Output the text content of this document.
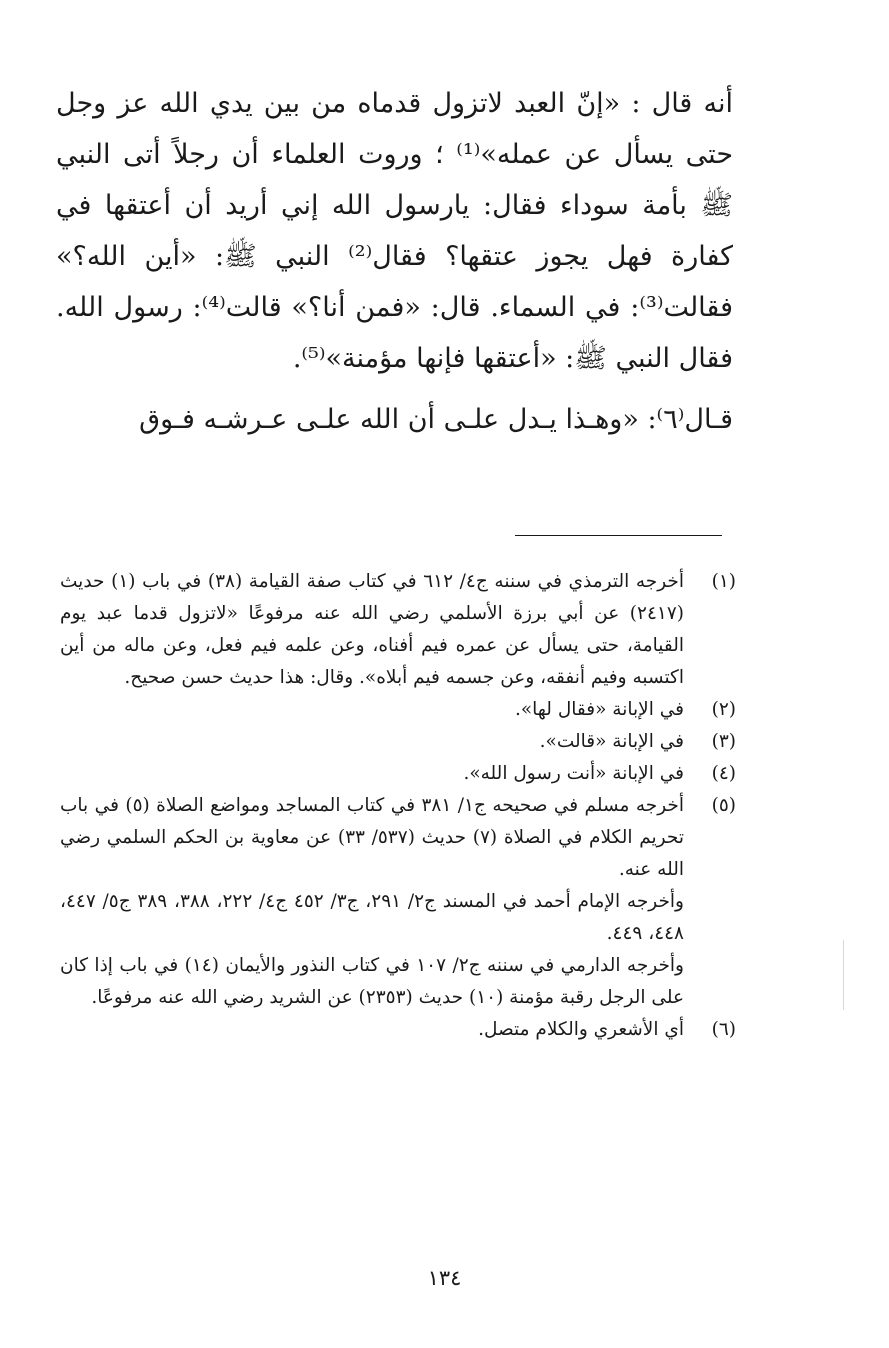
أنه قال : «إنّ العبد لاتزول قدماه من بين يدي الله عز وجل حتى يسأل عن عمله»⁽¹⁾ ؛ وروت العلماء أن رجلاً أتى النبي ﷺ بأمة سوداء فقال: يارسول الله إني أريد أن أعتقها في كفارة فهل يجوز عتقها؟ فقال⁽²⁾ النبي ﷺ: «أين الله؟» فقالت⁽³⁾: في السماء. قال: «فمن أنا؟» قالت⁽⁴⁾: رسول الله. فقال النبي ﷺ: «أعتقها فإنها مؤمنة»⁽⁵⁾.

قـال⁽٦⁾: «وهـذا يـدل علـى أن الله علـى عـرشـه فـوق

(١)

أخرجه الترمذي في سننه ج٤/ ٦١٢ في كتاب صفة القيامة (٣٨) في باب (١) حديث (٢٤١٧) عن أبي برزة الأسلمي رضي الله عنه مرفوعًا «لاتزول قدما عبد يوم القيامة، حتى يسأل عن عمره فيم أفناه، وعن علمه فيم فعل، وعن ماله من أين اكتسبه وفيم أنفقه، وعن جسمه فيم أبلاه». وقال: هذا حديث حسن صحيح.

(٢)

في الإبانة «فقال لها».

(٣)

في الإبانة «قالت».

(٤)

في الإبانة «أنت رسول الله».

(٥)

أخرجه مسلم في صحيحه ج١/ ٣٨١ في كتاب المساجد ومواضع الصلاة (٥) في باب تحريم الكلام في الصلاة (٧) حديث (٥٣٧/ ٣٣) عن معاوية بن الحكم السلمي رضي الله عنه.

وأخرجه الإمام أحمد في المسند ج٢/ ٢٩١، ج٣/ ٤٥٢ ج٤/ ٢٢٢، ٣٨٨، ٣٨٩ ج٥/ ٤٤٧، ٤٤٨، ٤٤٩.

وأخرجه الدارمي في سننه ج٢/ ١٠٧ في كتاب النذور والأيمان (١٤) في باب إذا كان على الرجل رقبة مؤمنة (١٠) حديث (٢٣٥٣) عن الشريد رضي الله عنه مرفوعًا.

(٦)

أي الأشعري والكلام متصل.

١٣٤
